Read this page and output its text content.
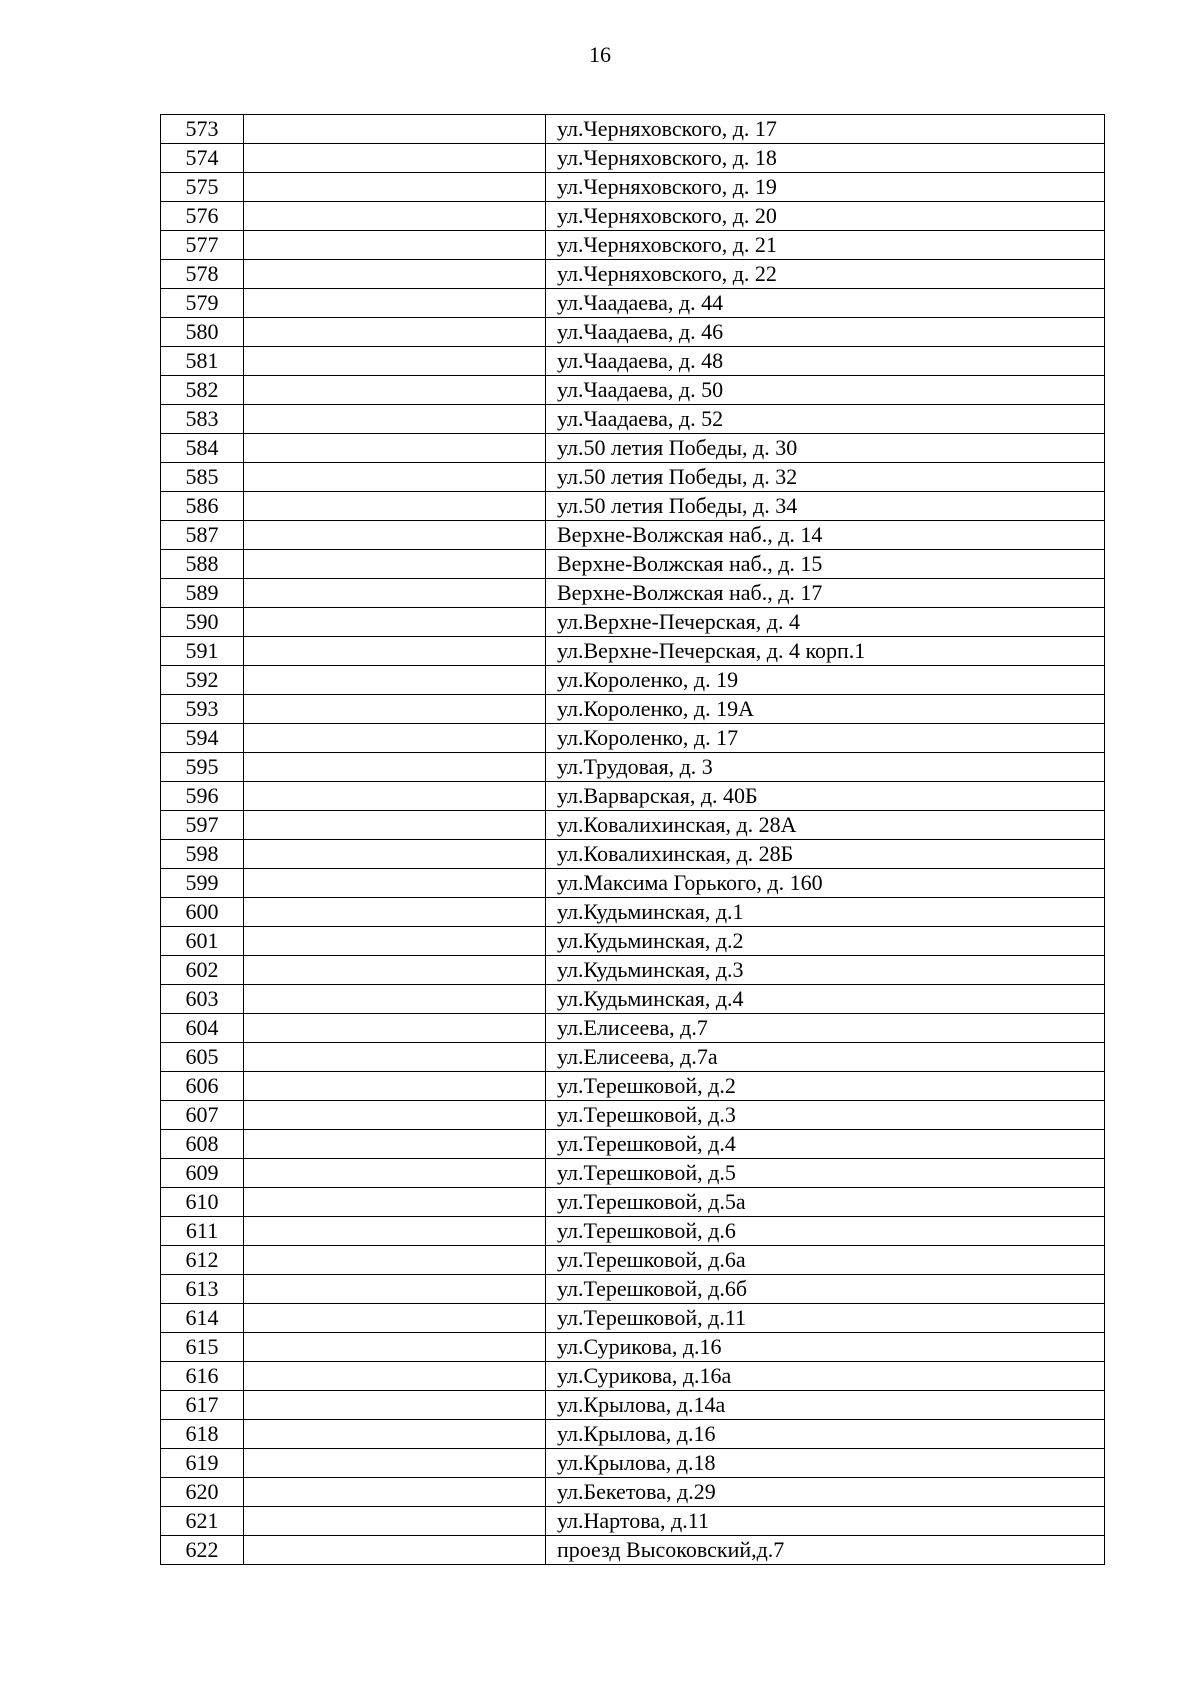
16
573		ул.Черняховского, д. 17
574		ул.Черняховского, д. 18
575		ул.Черняховского, д. 19
576		ул.Черняховского, д. 20
577		ул.Черняховского, д. 21
578		ул.Черняховского, д. 22
579		ул.Чаадаева, д. 44
580		ул.Чаадаева, д. 46
581		ул.Чаадаева, д. 48
582		ул.Чаадаева, д. 50
583		ул.Чаадаева, д. 52
584		ул.50 летия Победы, д. 30
585		ул.50 летия Победы, д. 32
586		ул.50 летия Победы, д. 34
587		Верхне-Волжская наб., д. 14
588		Верхне-Волжская наб., д. 15
589		Верхне-Волжская наб., д. 17
590		ул.Верхне-Печерская, д. 4
591		ул.Верхне-Печерская, д. 4 корп.1
592		ул.Короленко, д. 19
593		ул.Короленко, д. 19А
594		ул.Короленко, д. 17
595		ул.Трудовая, д. 3
596		ул.Варварская, д. 40Б
597		ул.Ковалихинская, д. 28А
598		ул.Ковалихинская, д. 28Б
599		ул.Максима Горького, д. 160
600		ул.Кудьминская, д.1
601		ул.Кудьминская, д.2
602		ул.Кудьминская, д.3
603		ул.Кудьминская, д.4
604		ул.Елисеева, д.7
605		ул.Елисеева, д.7а
606		ул.Терешковой, д.2
607		ул.Терешковой, д.3
608		ул.Терешковой, д.4
609		ул.Терешковой, д.5
610		ул.Терешковой, д.5а
611		ул.Терешковой, д.6
612		ул.Терешковой, д.6а
613		ул.Терешковой, д.6б
614		ул.Терешковой, д.11
615		ул.Сурикова, д.16
616		ул.Сурикова, д.16а
617		ул.Крылова, д.14а
618		ул.Крылова, д.16
619		ул.Крылова, д.18
620		ул.Бекетова, д.29
621		ул.Нартова, д.11
622		проезд Высоковский,д.7
